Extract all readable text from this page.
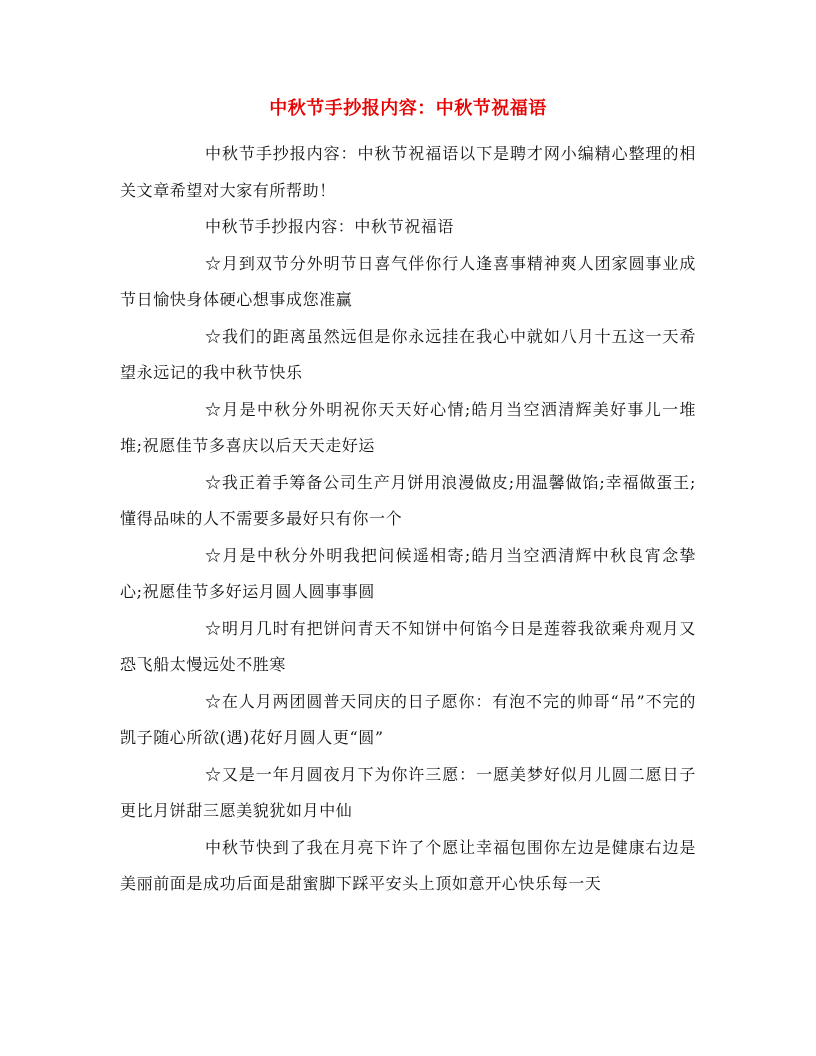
中秋节手抄报内容：中秋节祝福语

中秋节手抄报内容：中秋节祝福语以下是聘才网小编精心整理的相关文章希望对大家有所帮助！

中秋节手抄报内容：中秋节祝福语

☆月到双节分外明节日喜气伴你行人逢喜事精神爽人团家圆事业成节日愉快身体硬心想事成您准赢

☆我们的距离虽然远但是你永远挂在我心中就如八月十五这一天希望永远记的我中秋节快乐

☆月是中秋分外明祝你天天好心情;皓月当空洒清辉美好事儿一堆堆;祝愿佳节多喜庆以后天天走好运

☆我正着手筹备公司生产月饼用浪漫做皮;用温馨做馅;幸福做蛋王;懂得品味的人不需要多最好只有你一个

☆月是中秋分外明我把问候遥相寄;皓月当空洒清辉中秋良宵念挚心;祝愿佳节多好运月圆人圆事事圆

☆明月几时有把饼问青天不知饼中何馅今日是莲蓉我欲乘舟观月又恐飞船太慢远处不胜寒

☆在人月两团圆普天同庆的日子愿你：有泡不完的帅哥“吊”不完的凯子随心所欲(遇)花好月圆人更“圆”

☆又是一年月圆夜月下为你许三愿：一愿美梦好似月儿圆二愿日子更比月饼甜三愿美貌犹如月中仙

中秋节快到了我在月亮下许了个愿让幸福包围你左边是健康右边是美丽前面是成功后面是甜蜜脚下踩平安头上顶如意开心快乐每一天
